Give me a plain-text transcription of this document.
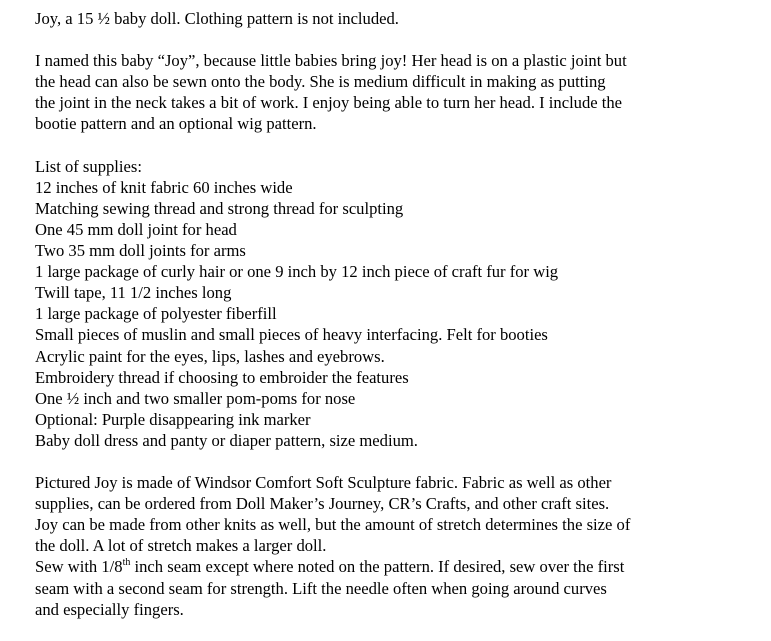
Joy, a 15 ½ baby doll. Clothing pattern is not included.
I named this baby “Joy”, because little babies bring joy! Her head is on a plastic joint but
the head can also be sewn onto the body. She is medium difficult in making as putting
the joint in the neck takes a bit of work. I enjoy being able to turn her head. I include the
bootie pattern and an optional wig pattern.
List of supplies:
12 inches of knit fabric 60 inches wide
Matching sewing thread and strong thread for sculpting
One 45 mm doll joint for head
Two 35 mm doll joints for arms
1 large package of curly hair or one 9 inch by 12 inch piece of craft fur for wig
Twill tape, 11 1/2 inches long
1 large package of polyester fiberfill
Small pieces of muslin and small pieces of heavy interfacing. Felt for booties
Acrylic paint for the eyes, lips, lashes and eyebrows.
Embroidery thread if choosing to embroider the features
One ½ inch and two smaller pom-poms for nose
Optional: Purple disappearing ink marker
Baby doll dress and panty or diaper pattern, size medium.
Pictured Joy is made of Windsor Comfort Soft Sculpture fabric. Fabric as well as other
supplies, can be ordered from Doll Maker’s Journey, CR’s Crafts, and other craft sites.
Joy can be made from other knits as well, but the amount of stretch determines the size of
the doll. A lot of stretch makes a larger doll.
Sew with 1/8th inch seam except where noted on the pattern. If desired, sew over the first
seam with a second seam for strength. Lift the needle often when going around curves
and especially fingers.
